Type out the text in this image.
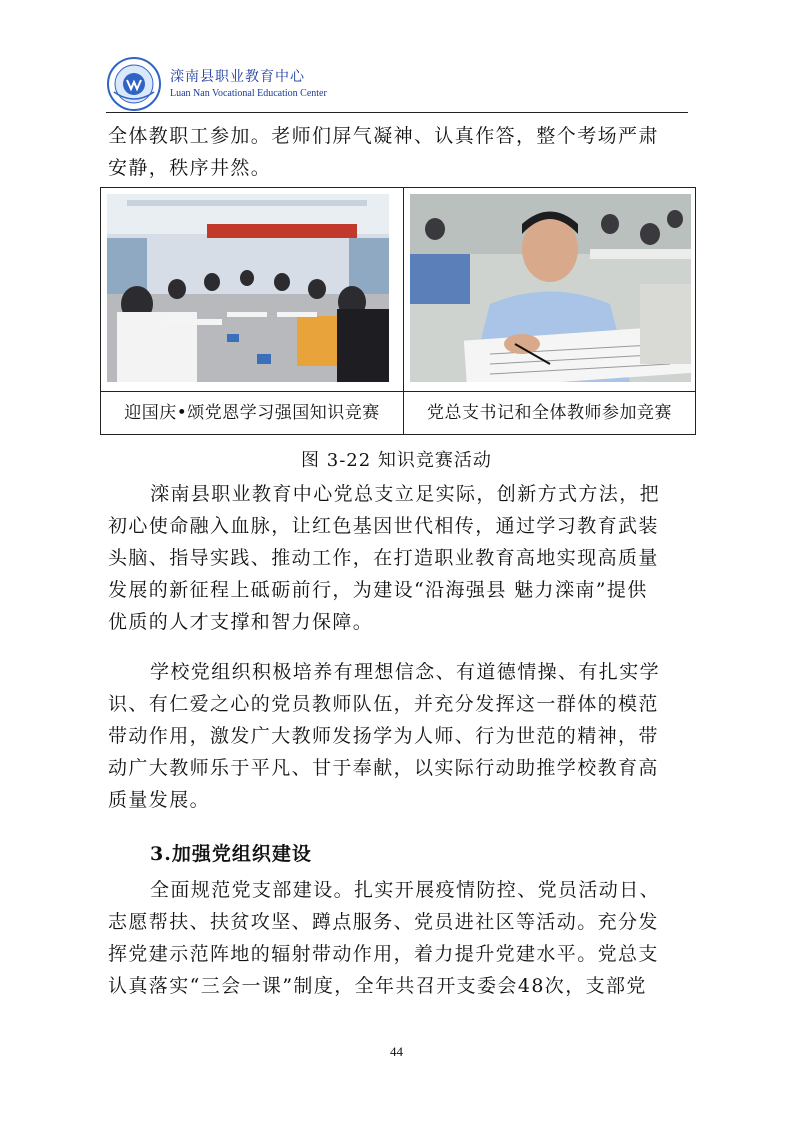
滦南县职业教育中心
Luan Nan Vocational Education Center
全体教职工参加。老师们屏气凝神、认真作答，整个考场严肃
安静，秩序井然。
迎国庆•颂党恩学习强国知识竞赛	党总支书记和全体教师参加竞赛
图 3-22 知识竞赛活动
滦南县职业教育中心党总支立足实际，创新方式方法，把
初心使命融入血脉，让红色基因世代相传，通过学习教育武装
头脑、指导实践、推动工作，在打造职业教育高地实现高质量
发展的新征程上砥砺前行，为建设“沿海强县 魅力滦南”提供
优质的人才支撑和智力保障。
学校党组织积极培养有理想信念、有道德情操、有扎实学
识、有仁爱之心的党员教师队伍，并充分发挥这一群体的模范
带动作用，激发广大教师发扬学为人师、行为世范的精神，带
动广大教师乐于平凡、甘于奉献，以实际行动助推学校教育高
质量发展。
3.加强党组织建设
全面规范党支部建设。扎实开展疫情防控、党员活动日、
志愿帮扶、扶贫攻坚、蹲点服务、党员进社区等活动。充分发
挥党建示范阵地的辐射带动作用，着力提升党建水平。党总支
认真落实“三会一课”制度，全年共召开支委会48次，支部党
44
